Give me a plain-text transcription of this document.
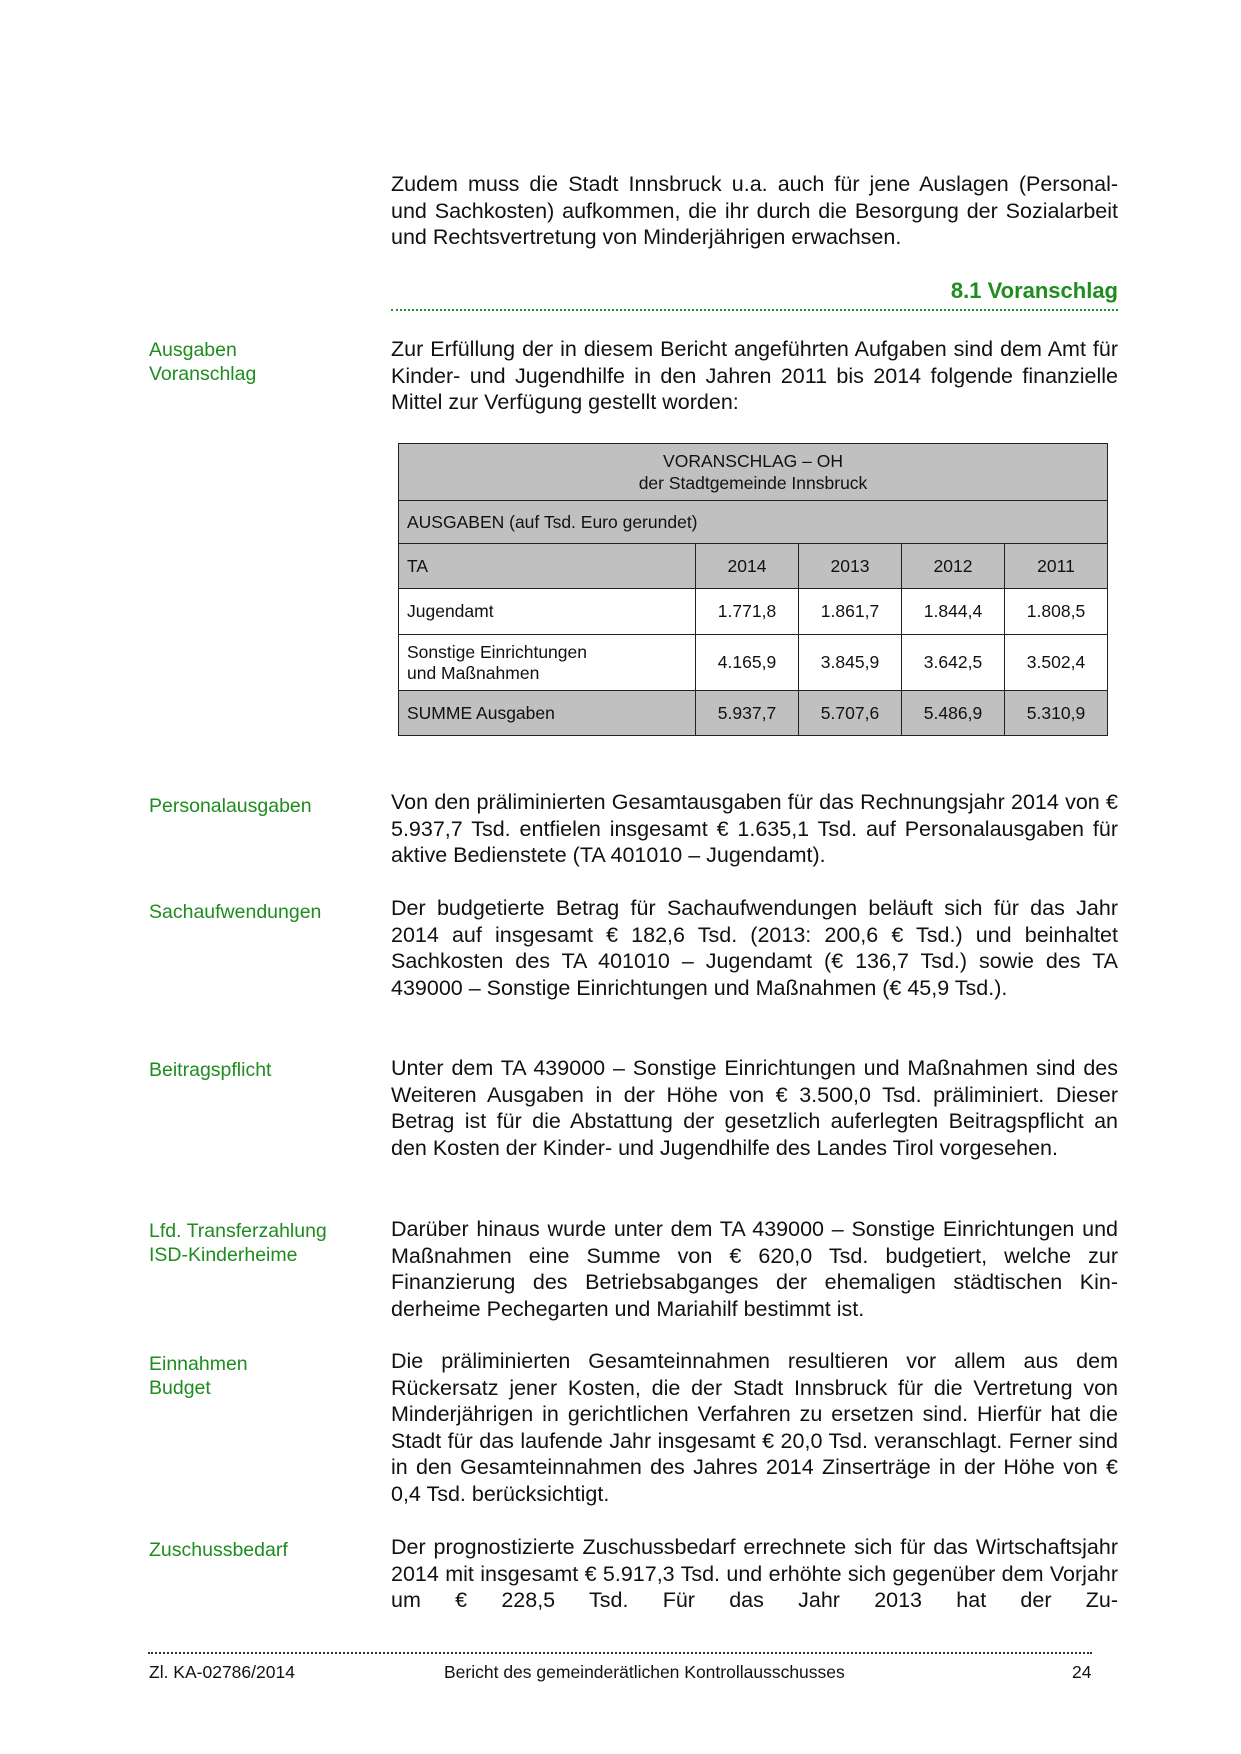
Zudem muss die Stadt Innsbruck u.a. auch für jene Auslagen (Personal- und Sachkosten) aufkommen, die ihr durch die Besorgung der Sozialarbeit und Rechtsvertretung von Minderjährigen erwachsen.

8.1 Voranschlag
Ausgaben
Voranschlag

Zur Erfüllung der in diesem Bericht angeführten Aufgaben sind dem Amt für Kinder- und Jugendhilfe in den Jahren 2011 bis 2014 folgende finanzielle Mittel zur Verfügung gestellt worden:

VORANSCHLAG – OH
der Stadtgemeinde Innsbruck				

AUSGABEN (auf Tsd. Euro gerundet)				
TA	2014	2013	2012	2011
Jugendamt	1.771,8	1.861,7	1.844,4	1.808,5

Sonstige Einrichtungen
und Maßnahmen	4.165,9	3.845,9	3.642,5	3.502,4
SUMME Ausgaben	5.937,7	5.707,6	5.486,9	5.310,9
Personalausgaben	Von den präliminierten Gesamtausgaben für das Rechnungsjahr 2014 von € 5.937,7 Tsd. entfielen insgesamt € 1.635,1 Tsd. auf Personalausgaben für aktive Bedienstete (TA 401010 – Jugendamt).

Sachaufwendungen	Der budgetierte Betrag für Sachaufwendungen beläuft sich für das Jahr 2014 auf insgesamt € 182,6 Tsd. (2013: 200,6 € Tsd.) und beinhaltet Sachkosten des TA 401010 – Jugendamt (€ 136,7 Tsd.) sowie des TA 439000 – Sonstige Einrichtungen und Maßnahmen (€ 45,9 Tsd.).

Beitragspflicht	Unter dem TA 439000 – Sonstige Einrichtungen und Maßnahmen sind des Weiteren Ausgaben in der Höhe von € 3.500,0 Tsd. präliminiert. Dieser Betrag ist für die Abstattung der gesetzlich auferlegten Beitragspflicht an den Kosten der Kinder- und Jugendhilfe des Landes Tirol vorgesehen.

Lfd. Transferzahlung
ISD-Kinderheime

Darüber hinaus wurde unter dem TA 439000 – Sonstige Einrichtungen und Maßnahmen eine Summe von € 620,0 Tsd. budgetiert, welche zur Finanzierung des Betriebsabganges der ehemaligen städtischen Kinderheime Pechegarten und Mariahilf bestimmt ist.

Einnahmen
Budget

Die präliminierten Gesamteinnahmen resultieren vor allem aus dem Rückersatz jener Kosten, die der Stadt Innsbruck für die Vertretung von Minderjährigen in gerichtlichen Verfahren zu ersetzen sind. Hierfür hat die Stadt für das laufende Jahr insgesamt € 20,0 Tsd. veranschlagt. Ferner sind in den Gesamteinnahmen des Jahres 2014 Zinserträge in der Höhe von € 0,4 Tsd. berücksichtigt.

Zuschussbedarf	Der prognostizierte Zuschussbedarf errechnete sich für das Wirtschaftsjahr 2014 mit insgesamt € 5.917,3 Tsd. und erhöhte sich gegenüber dem Vorjahr um € 228,5 Tsd. Für das Jahr 2013 hat der Zu-

Zl. KA-02786/2014	Bericht des gemeinderätlichen Kontrollausschusses	24
